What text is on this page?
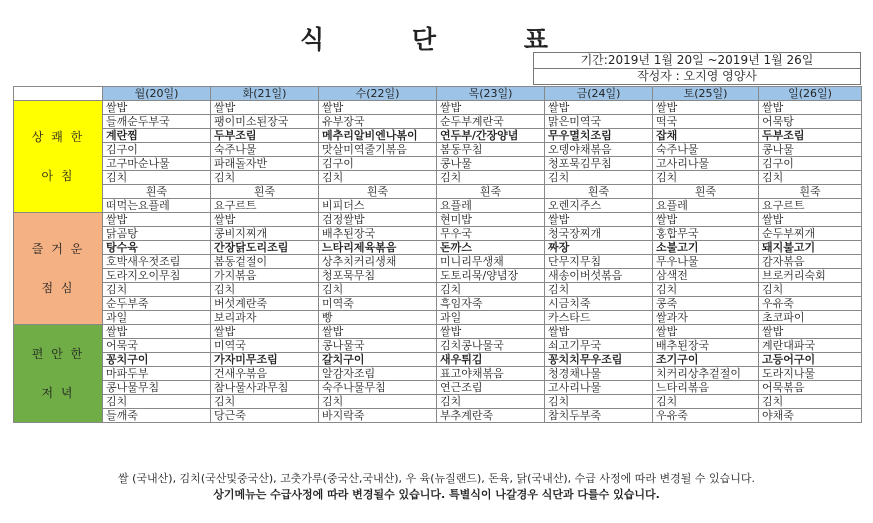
식	단	표
기간:2019년 1월 20일 ~2019년 1월 26일
작성자 : 오지영 영양사
	월(20일)	화(21일)	수(22일)	목(23일)	금(24일)	토(25일)	일(26일)

상 쾌 한
아 침	쌀밥	쌀밥	쌀밥	쌀밥	쌀밥	쌀밥	쌀밥
	들깨순두부국	팽이미소된장국	유부장국	순두부계란국	맑은미역국	떡국	어묵탕
	계란찜	두부조림	메추리알비엔나볶이	연두부/간장양념	무우멸치조림	잡채	두부조림
	김구이	숙주나물	맛살미역줄기볶음	봄동무침	오뎅야채볶음	숙주나물	콩나물
	고구마순나물	파래돌자반	김구이	콩나물	청포묵김무침	고사리나물	김구이
	김치	김치	김치	김치	김치	김치	김치
	흰죽	흰죽	흰죽	흰죽	흰죽	흰죽	흰죽
	떠먹는요플레	요구르트	비피더스	요플레	오렌지주스	요플레	요구르트

즐 거 운
점 심	쌀밥	쌀밥	검정쌀밥	현미밥	쌀밥	쌀밥	쌀밥
	닭곰탕	콩비지찌개	배추된장국	무우국	청국장찌개	홍합무국	순두부찌개
	탕수육	간장닭도리조림	느타리제육볶음	돈까스	짜장	소불고기	돼지불고기
	호박새우젓조림	봄동겉절이	상추치커리생채	미니리무생채	단무지무침	무우나물	감자볶음
	도라지오이무침	가지볶음	청포묵무침	도토리묵/양념장	새송이버섯볶음	삼색전	브로커리숙회
	김치	김치	김치	김치	김치	김치	김치
	순두부죽	버섯계란죽	미역죽	흑임자죽	시금치죽	콩죽	우유죽
	과일	보리과자	빵	과일	카스타드	쌀과자	초코파이

편 안 한
저 녁	쌀밥	쌀밥	쌀밥	쌀밥	쌀밥	쌀밥	쌀밥
	어묵국	미역국	콩나물국	김치콩나물국	쇠고기무국	배추된장국	계란대파국
	꽁치구이	가자미무조림	갈치구이	새우튀김	꽁치치무우조림	조기구이	고등어구이
	마파두부	건새우볶음	알감자조림	표고야채볶음	청경채나물	치커리상추겉절이	도라지나물
	콩나물무침	참나물사과무침	숙주나물무침	연근조림	고사리나물	느타리볶음	어묵볶음
	김치	김치	김치	김치	김치	김치	김치
	들깨죽	당근죽	바지락죽	부추계란죽	참치두부죽	우유죽	야채죽
쌀 (국내산), 김치(국산및중국산), 고춧가루(중국산,국내산), 우 육(뉴질랜드), 돈육, 닭(국내산), 수급 사정에 따라 변경될 수 있습니다.
상기메뉴는 수급사정에 따라 변경될수 있습니다. 특별식이 나갈경우 식단과 다를수 있습니다.
